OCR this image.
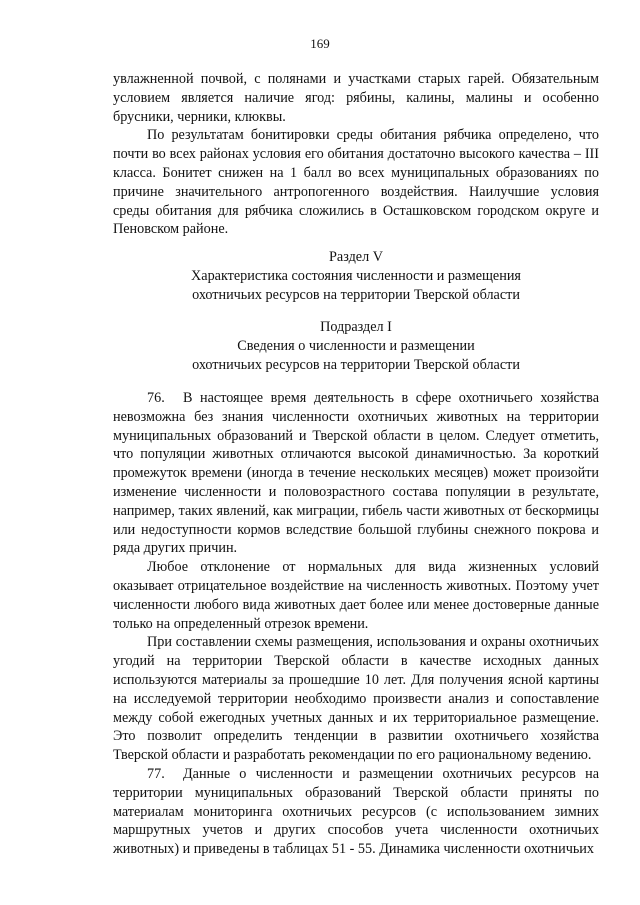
169

увлажненной почвой, с полянами и участками старых гарей. Обязательным условием является наличие ягод: рябины, калины, малины и особенно брусники, черники, клюквы.

По результатам бонитировки среды обитания рябчика определено, что почти во всех районах условия его обитания достаточно высокого качества – III класса. Бонитет снижен на 1 балл во всех муниципальных образованиях по причине значительного антропогенного воздействия. Наилучшие условия среды обитания для рябчика сложились в Осташковском городском округе и Пеновском районе.

Раздел V
Характеристика состояния численности и размещения
охотничьих ресурсов на территории Тверской области
Подраздел I
Сведения о численности и размещении
охотничьих ресурсов на территории Тверской области

76. В настоящее время деятельность в сфере охотничьего хозяйства невозможна без знания численности охотничьих животных на территории муниципальных образований и Тверской области в целом. Следует отметить, что популяции животных отличаются высокой динамичностью. За короткий промежуток времени (иногда в течение нескольких месяцев) может произойти изменение численности и половозрастного состава популяции в результате, например, таких явлений, как миграции, гибель части животных от бескормицы или недоступности кормов вследствие большой глубины снежного покрова и ряда других причин.

Любое отклонение от нормальных для вида жизненных условий оказывает отрицательное воздействие на численность животных. Поэтому учет численности любого вида животных дает более или менее достоверные данные только на определенный отрезок времени.

При составлении схемы размещения, использования и охраны охотничьих угодий на территории Тверской области в качестве исходных данных используются материалы за прошедшие 10 лет. Для получения ясной картины на исследуемой территории необходимо произвести анализ и сопоставление между собой ежегодных учетных данных и их территориальное размещение. Это позволит определить тенденции в развитии охотничьего хозяйства Тверской области и разработать рекомендации по его рациональному ведению.

77. Данные о численности и размещении охотничьих ресурсов на территории муниципальных образований Тверской области приняты по материалам мониторинга охотничьих ресурсов (с использованием зимних маршрутных учетов и других способов учета численности охотничьих животных) и приведены в таблицах 51 - 55. Динамика численности охотничьих
